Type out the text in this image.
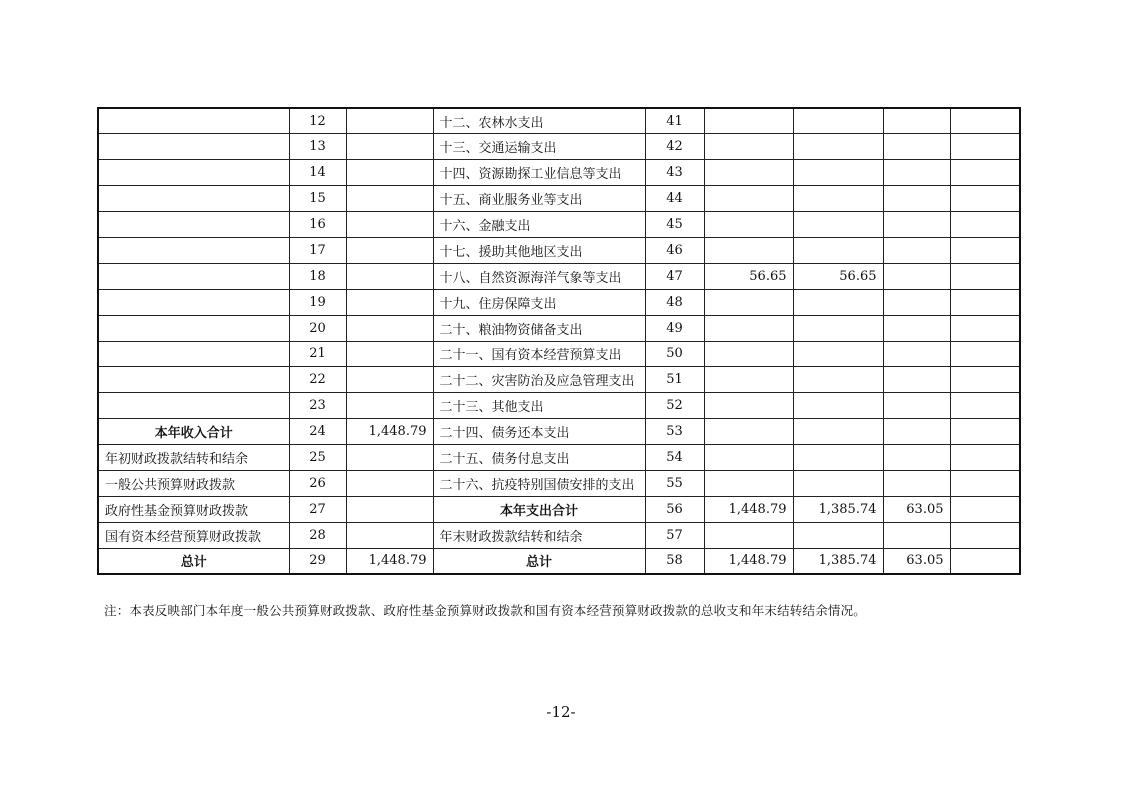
	12		十二、农林水支出	41				
	13		十三、交通运输支出	42				
	14		十四、资源勘探工业信息等支出	43				
	15		十五、商业服务业等支出	44				
	16		十六、金融支出	45				
	17		十七、援助其他地区支出	46				
	18		十八、自然资源海洋气象等支出	47	56.65	56.65		
	19		十九、住房保障支出	48				
	20		二十、粮油物资储备支出	49				
	21		二十一、国有资本经营预算支出	50				
	22		二十二、灾害防治及应急管理支出	51				
	23		二十三、其他支出	52				
本年收入合计	24	1,448.79	二十四、债务还本支出	53				
年初财政拨款结转和结余	25		二十五、债务付息支出	54				
一般公共预算财政拨款	26		二十六、抗疫特别国债安排的支出	55				
政府性基金预算财政拨款	27		本年支出合计	56	1,448.79	1,385.74	63.05	
国有资本经营预算财政拨款	28		年末财政拨款结转和结余	57				
总计	29	1,448.79	总计	58	1,448.79	1,385.74	63.05	
注：本表反映部门本年度一般公共预算财政拨款、政府性基金预算财政拨款和国有资本经营预算财政拨款的总收支和年末结转结余情况。
-12-
